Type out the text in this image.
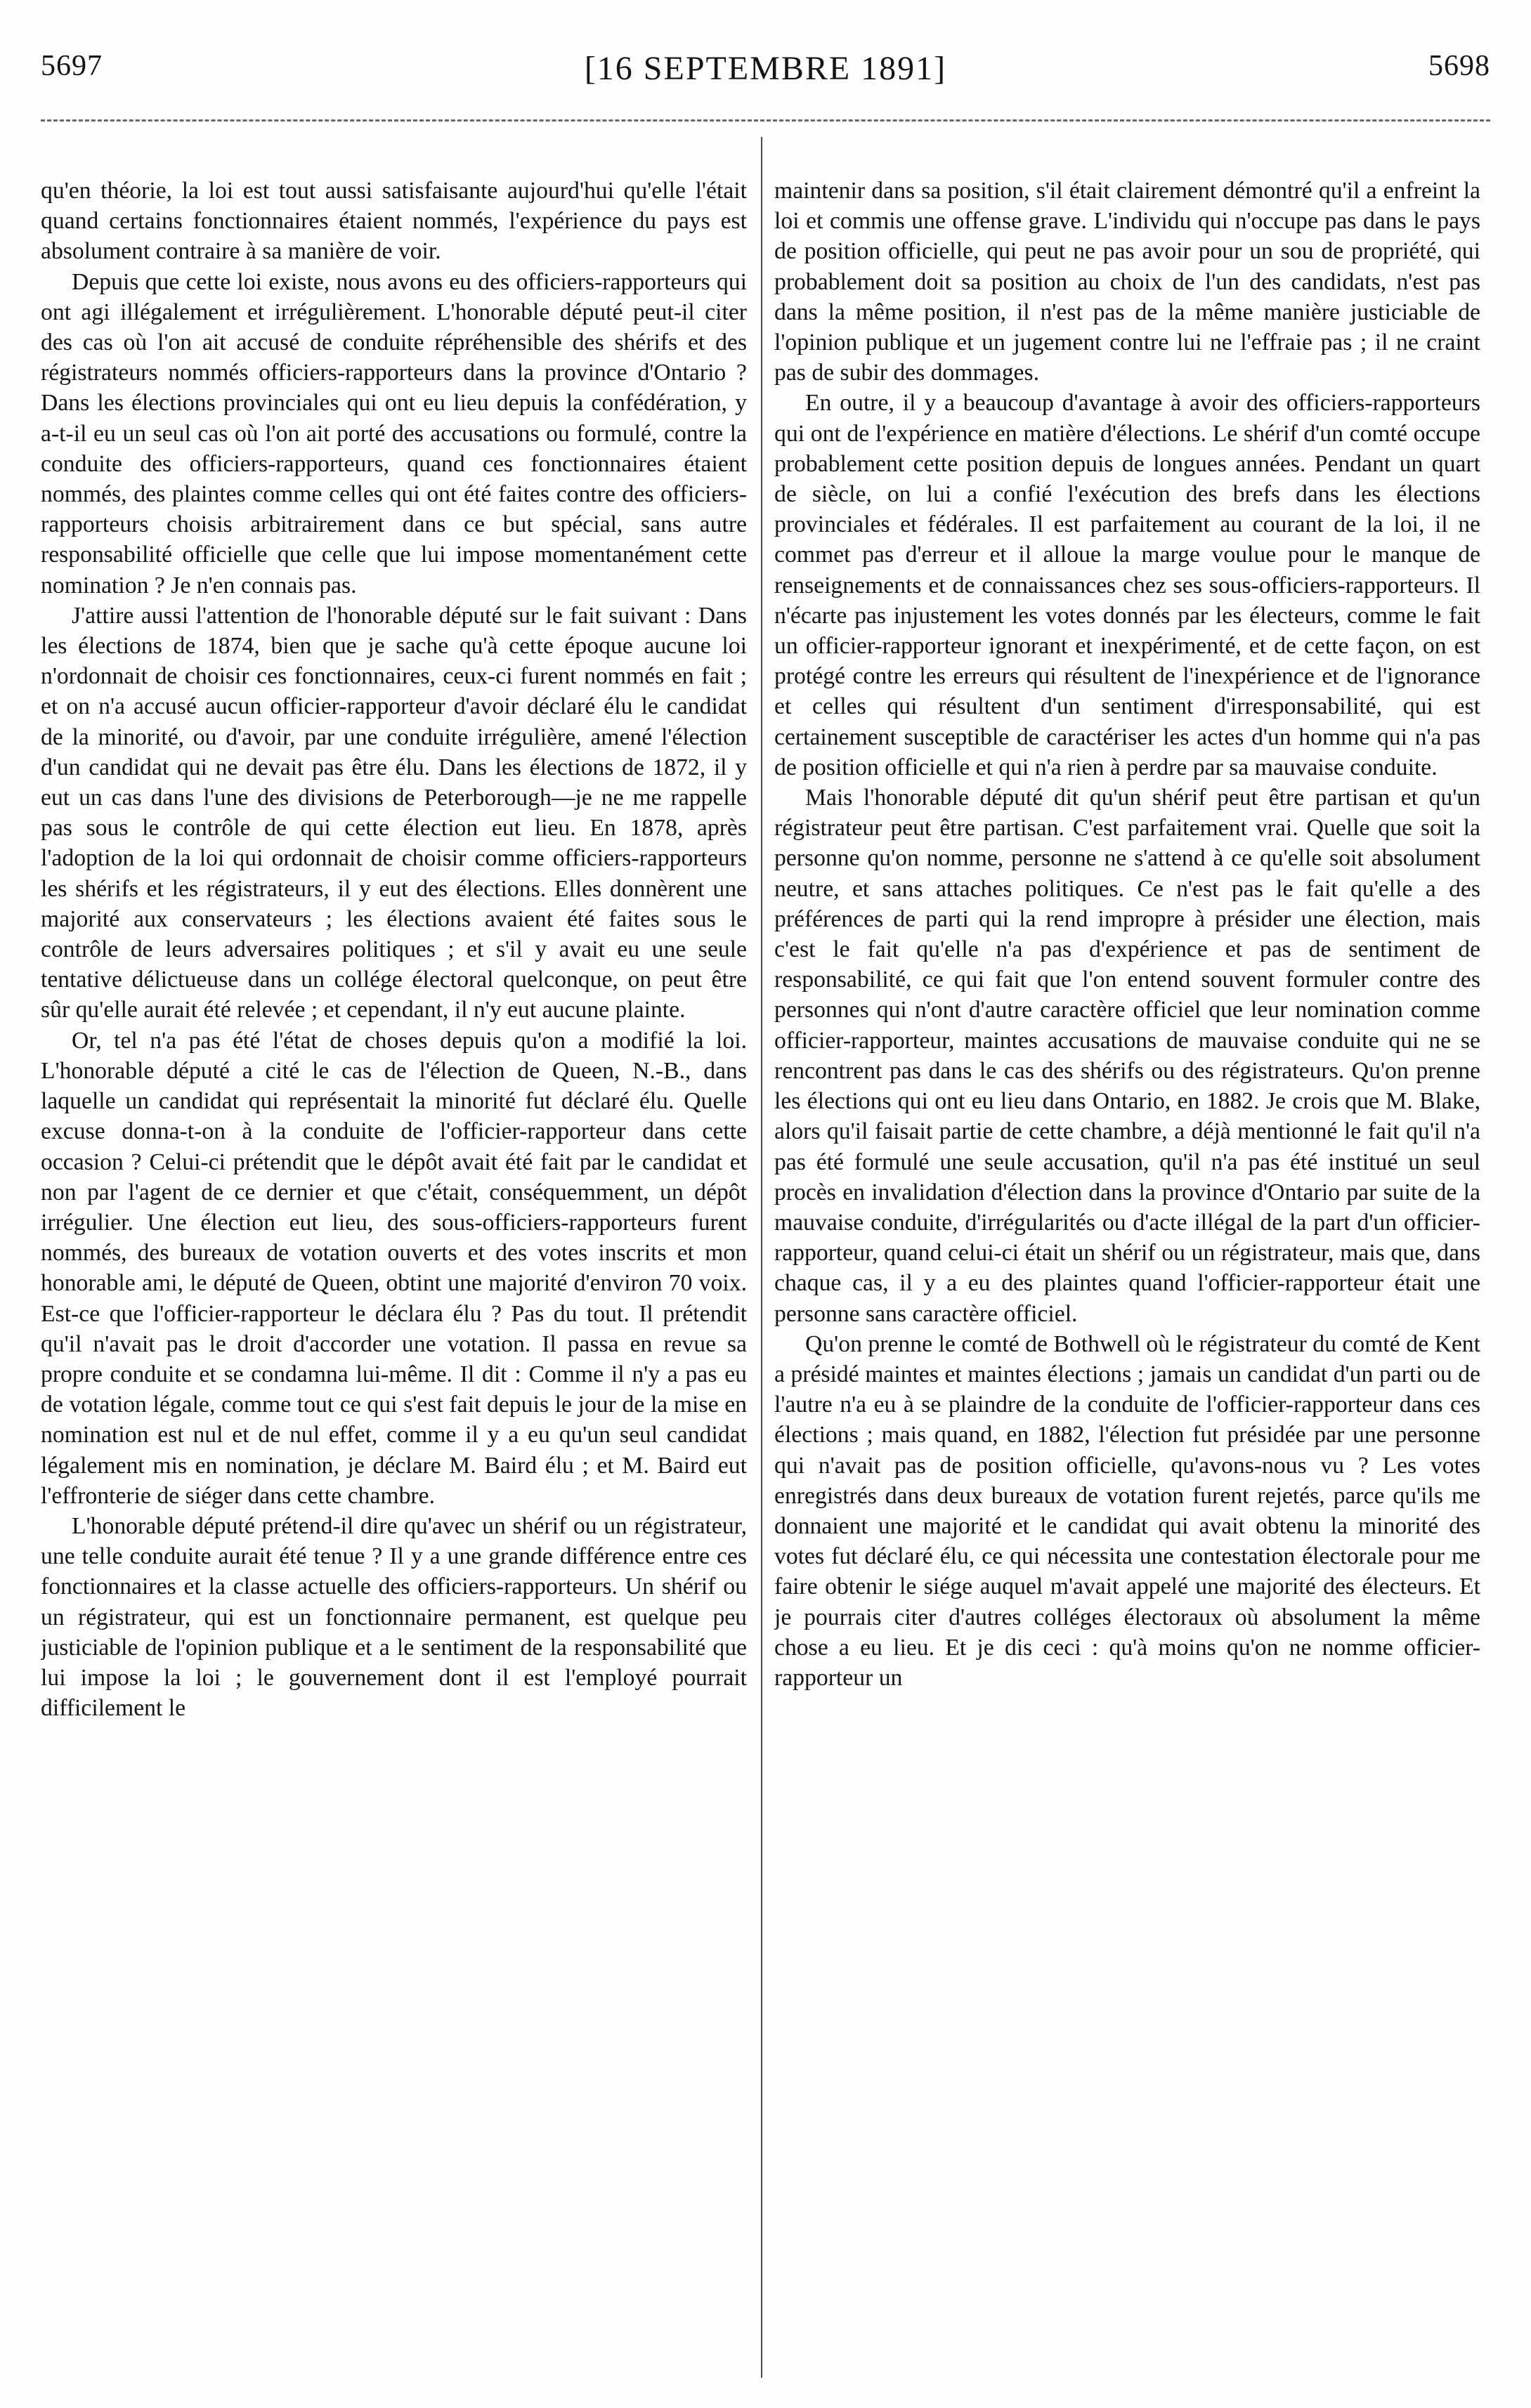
5697	[16 SEPTEMBRE 1891]	5698

qu'en théorie, la loi est tout aussi satisfaisante aujourd'hui qu'elle l'était quand certains fonctionnaires étaient nommés, l'expérience du pays est absolument contraire à sa manière de voir.

Depuis que cette loi existe, nous avons eu des officiers-rapporteurs qui ont agi illégalement et irrégulièrement. L'honorable député peut-il citer des cas où l'on ait accusé de conduite répréhensible des shérifs et des régistrateurs nommés officiers-rapporteurs dans la province d'Ontario ? Dans les élections provinciales qui ont eu lieu depuis la confédération, y a-t-il eu un seul cas où l'on ait porté des accusations ou formulé, contre la conduite des officiers-rapporteurs, quand ces fonctionnaires étaient nommés, des plaintes comme celles qui ont été faites contre des officiers-rapporteurs choisis arbitrairement dans ce but spécial, sans autre responsabilité officielle que celle que lui impose momentanément cette nomination ? Je n'en connais pas.

J'attire aussi l'attention de l'honorable député sur le fait suivant : Dans les élections de 1874, bien que je sache qu'à cette époque aucune loi n'ordonnait de choisir ces fonctionnaires, ceux-ci furent nommés en fait ; et on n'a accusé aucun officier-rapporteur d'avoir déclaré élu le candidat de la minorité, ou d'avoir, par une conduite irrégulière, amené l'élection d'un candidat qui ne devait pas être élu. Dans les élections de 1872, il y eut un cas dans l'une des divisions de Peterborough—je ne me rappelle pas sous le contrôle de qui cette élection eut lieu. En 1878, après l'adoption de la loi qui ordonnait de choisir comme officiers-rapporteurs les shérifs et les régistrateurs, il y eut des élections. Elles donnèrent une majorité aux conservateurs ; les élections avaient été faites sous le contrôle de leurs adversaires politiques ; et s'il y avait eu une seule tentative délictueuse dans un collége électoral quelconque, on peut être sûr qu'elle aurait été relevée ; et cependant, il n'y eut aucune plainte.

Or, tel n'a pas été l'état de choses depuis qu'on a modifié la loi. L'honorable député a cité le cas de l'élection de Queen, N.-B., dans laquelle un candidat qui représentait la minorité fut déclaré élu. Quelle excuse donna-t-on à la conduite de l'officier-rapporteur dans cette occasion ? Celui-ci prétendit que le dépôt avait été fait par le candidat et non par l'agent de ce dernier et que c'était, conséquemment, un dépôt irrégulier. Une élection eut lieu, des sous-officiers-rapporteurs furent nommés, des bureaux de votation ouverts et des votes inscrits et mon honorable ami, le député de Queen, obtint une majorité d'environ 70 voix. Est-ce que l'officier-rapporteur le déclara élu ? Pas du tout. Il prétendit qu'il n'avait pas le droit d'accorder une votation. Il passa en revue sa propre conduite et se condamna lui-même. Il dit : Comme il n'y a pas eu de votation légale, comme tout ce qui s'est fait depuis le jour de la mise en nomination est nul et de nul effet, comme il y a eu qu'un seul candidat légalement mis en nomination, je déclare M. Baird élu ; et M. Baird eut l'effronterie de siéger dans cette chambre.

L'honorable député prétend-il dire qu'avec un shérif ou un régistrateur, une telle conduite aurait été tenue ? Il y a une grande différence entre ces fonctionnaires et la classe actuelle des officiers-rapporteurs. Un shérif ou un régistrateur, qui est un fonctionnaire permanent, est quelque peu justiciable de l'opinion publique et a le sentiment de la responsabilité que lui impose la loi ; le gouvernement dont il est l'employé pourrait difficilement le

maintenir dans sa position, s'il était clairement démontré qu'il a enfreint la loi et commis une offense grave. L'individu qui n'occupe pas dans le pays de position officielle, qui peut ne pas avoir pour un sou de propriété, qui probablement doit sa position au choix de l'un des candidats, n'est pas dans la même position, il n'est pas de la même manière justiciable de l'opinion publique et un jugement contre lui ne l'effraie pas ; il ne craint pas de subir des dommages.

En outre, il y a beaucoup d'avantage à avoir des officiers-rapporteurs qui ont de l'expérience en matière d'élections. Le shérif d'un comté occupe probablement cette position depuis de longues années. Pendant un quart de siècle, on lui a confié l'exécution des brefs dans les élections provinciales et fédérales. Il est parfaitement au courant de la loi, il ne commet pas d'erreur et il alloue la marge voulue pour le manque de renseignements et de connaissances chez ses sous-officiers-rapporteurs. Il n'écarte pas injustement les votes donnés par les électeurs, comme le fait un officier-rapporteur ignorant et inexpérimenté, et de cette façon, on est protégé contre les erreurs qui résultent de l'inexpérience et de l'ignorance et celles qui résultent d'un sentiment d'irresponsabilité, qui est certainement susceptible de caractériser les actes d'un homme qui n'a pas de position officielle et qui n'a rien à perdre par sa mauvaise conduite.

Mais l'honorable député dit qu'un shérif peut être partisan et qu'un régistrateur peut être partisan. C'est parfaitement vrai. Quelle que soit la personne qu'on nomme, personne ne s'attend à ce qu'elle soit absolument neutre, et sans attaches politiques. Ce n'est pas le fait qu'elle a des préférences de parti qui la rend impropre à présider une élection, mais c'est le fait qu'elle n'a pas d'expérience et pas de sentiment de responsabilité, ce qui fait que l'on entend souvent formuler contre des personnes qui n'ont d'autre caractère officiel que leur nomination comme officier-rapporteur, maintes accusations de mauvaise conduite qui ne se rencontrent pas dans le cas des shérifs ou des régistrateurs. Qu'on prenne les élections qui ont eu lieu dans Ontario, en 1882. Je crois que M. Blake, alors qu'il faisait partie de cette chambre, a déjà mentionné le fait qu'il n'a pas été formulé une seule accusation, qu'il n'a pas été institué un seul procès en invalidation d'élection dans la province d'Ontario par suite de la mauvaise conduite, d'irrégularités ou d'acte illégal de la part d'un officier-rapporteur, quand celui-ci était un shérif ou un régistrateur, mais que, dans chaque cas, il y a eu des plaintes quand l'officier-rapporteur était une personne sans caractère officiel.

Qu'on prenne le comté de Bothwell où le régistrateur du comté de Kent a présidé maintes et maintes élections ; jamais un candidat d'un parti ou de l'autre n'a eu à se plaindre de la conduite de l'officier-rapporteur dans ces élections ; mais quand, en 1882, l'élection fut présidée par une personne qui n'avait pas de position officielle, qu'avons-nous vu ? Les votes enregistrés dans deux bureaux de votation furent rejetés, parce qu'ils me donnaient une majorité et le candidat qui avait obtenu la minorité des votes fut déclaré élu, ce qui nécessita une contestation électorale pour me faire obtenir le siége auquel m'avait appelé une majorité des électeurs. Et je pourrais citer d'autres colléges électoraux où absolument la même chose a eu lieu. Et je dis ceci : qu'à moins qu'on ne nomme officier-rapporteur un
